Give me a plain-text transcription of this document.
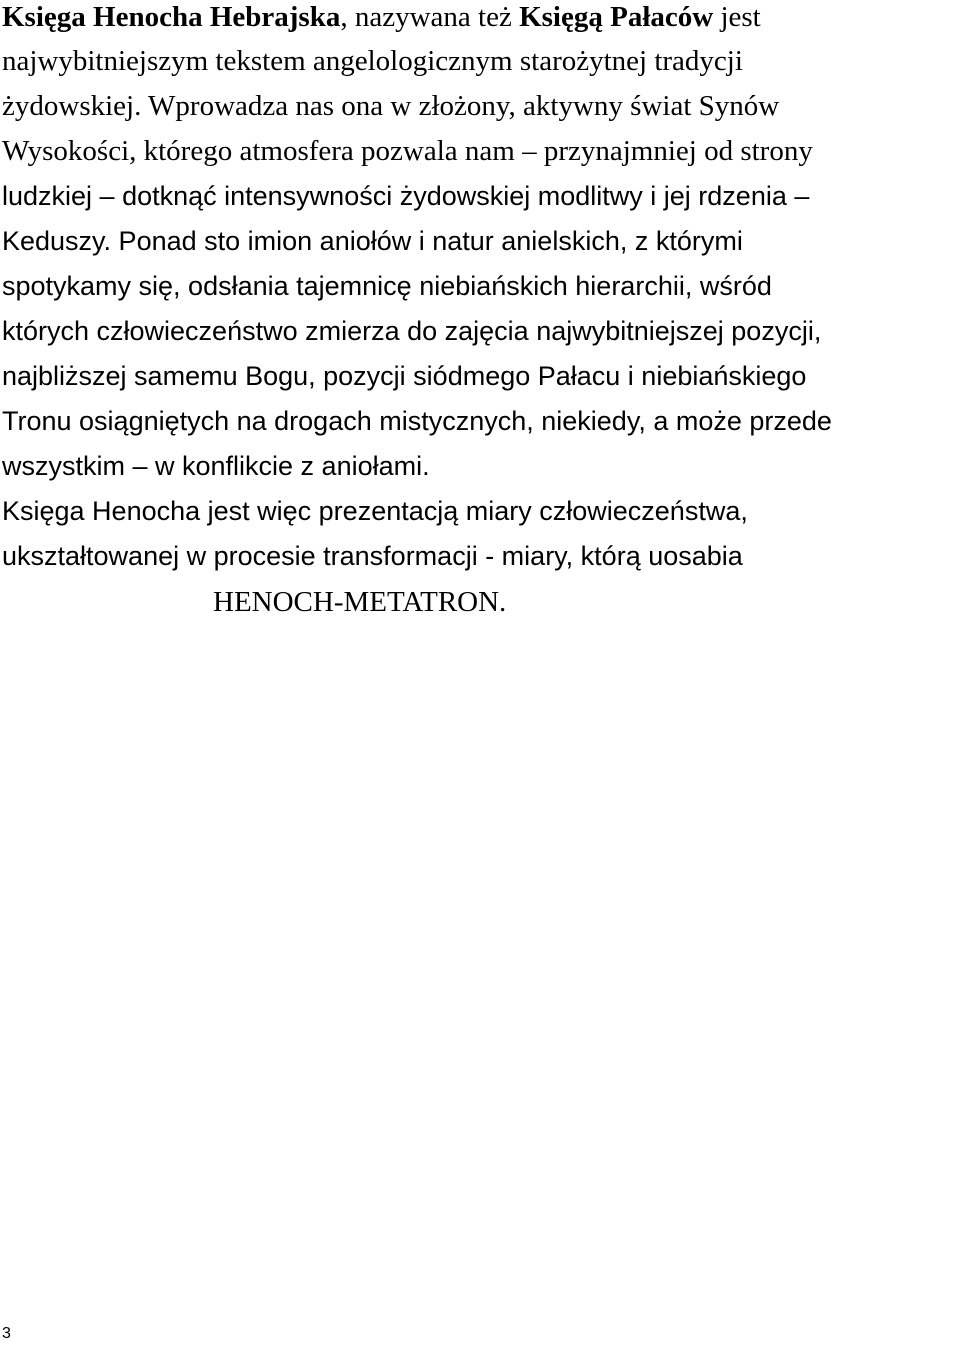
Księga Henocha Hebrajska, nazywana też Księgą Pałaców jest
najwybitniejszym tekstem angelologicznym starożytnej tradycji
żydowskiej. Wprowadza nas ona w złożony, aktywny świat Synów
Wysokości, którego atmosfera pozwala nam – przynajmniej od strony
ludzkiej – dotknąć intensywności żydowskiej modlitwy i jej rdzenia –
Keduszy. Ponad sto imion aniołów i natur anielskich, z którymi
spotykamy się, odsłania tajemnicę niebiańskich hierarchii, wśród
których człowieczeństwo zmierza do zajęcia najwybitniejszej pozycji,
najbliższej samemu Bogu, pozycji siódmego Pałacu i niebiańskiego
Tronu osiągniętych na drogach mistycznych, niekiedy, a może przede
wszystkim – w konflikcie z aniołami.
Księga Henocha jest więc prezentacją miary człowieczeństwa,
ukształtowanej w procesie transformacji - miary, którą uosabia
HENOCH-METATRON.
3
